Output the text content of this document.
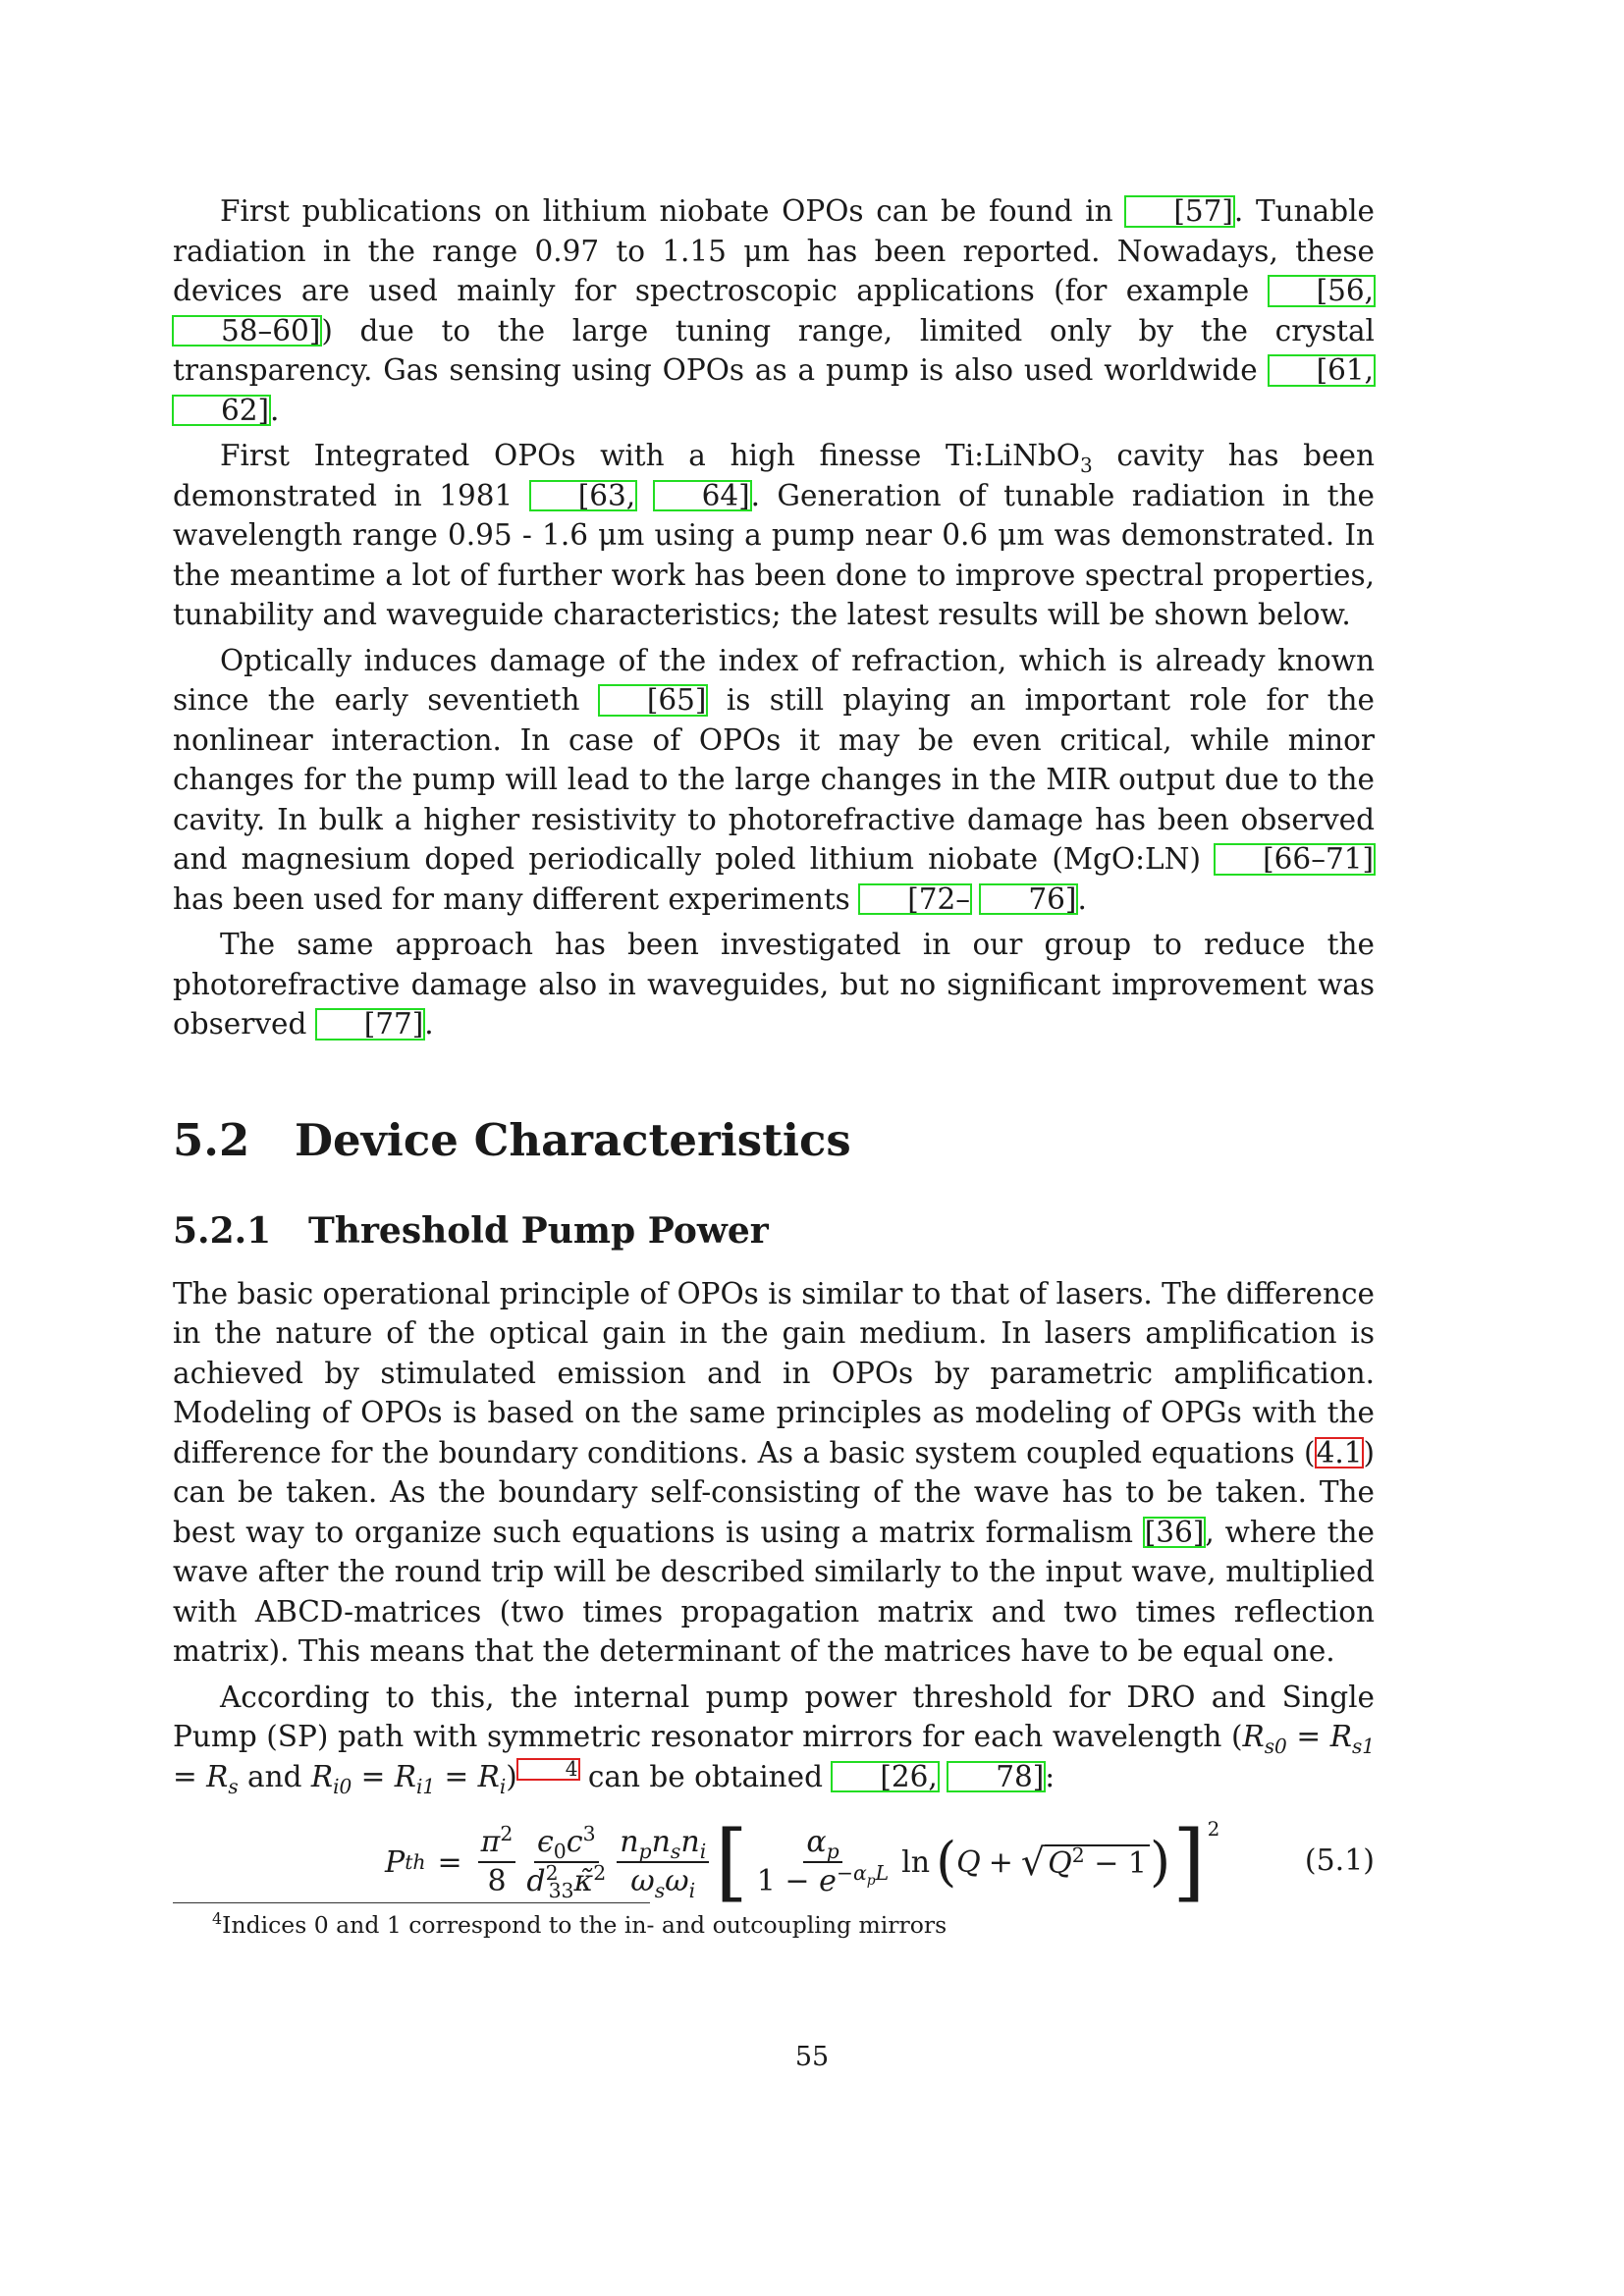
First publications on lithium niobate OPOs can be found in [57]. Tunable radiation in the range 0.97 to 1.15 μm has been reported. Nowadays, these devices are used mainly for spectroscopic applications (for example [56, 58–60]) due to the large tuning range, limited only by the crystal transparency. Gas sensing using OPOs as a pump is also used worldwide [61, 62].

First Integrated OPOs with a high finesse Ti:LiNbO$_3$ cavity has been demonstrated in 1981 [63, 64]. Generation of tunable radiation in the wavelength range 0.95 - 1.6 μm using a pump near 0.6 μm was demonstrated. In the meantime a lot of further work has been done to improve spectral properties, tunability and waveguide characteristics; the latest results will be shown below.

Optically induces damage of the index of refraction, which is already known since the early seventieth [65] is still playing an important role for the nonlinear interaction. In case of OPOs it may be even critical, while minor changes for the pump will lead to the large changes in the MIR output due to the cavity. In bulk a higher resistivity to photorefractive damage has been observed and magnesium doped periodically poled lithium niobate (MgO:LN) [66–71] has been used for many different experiments [72– 76].

The same approach has been investigated in our group to reduce the photorefractive damage also in waveguides, but no significant improvement was observed [77].

5.2 Device Characteristics
5.2.1 Threshold Pump Power

The basic operational principle of OPOs is similar to that of lasers. The difference in the nature of the optical gain in the gain medium. In lasers amplification is achieved by stimulated emission and in OPOs by parametric amplification. Modeling of OPOs is based on the same principles as modeling of OPGs with the difference for the boundary conditions. As a basic system coupled equations (4.1) can be taken. As the boundary self-consisting of the wave has to be taken. The best way to organize such equations is using a matrix formalism [36], where the wave after the round trip will be described similarly to the input wave, multiplied with ABCD-matrices (two times propagation matrix and two times reflection matrix). This means that the determinant of the matrices have to be equal one.

According to this, the internal pump power threshold for DRO and Single Pump (SP) path with symmetric resonator mirrors for each wavelength ($R_{s0} = R_{s1} = R_s$ and $R_{i0} = R_{i1} = R_i$) $^4$ can be obtained [26, 78]:

P th = $\frac{\pi^2}{8} \frac{\epsilon_0c^3}{d^2_{33}\kappã^2} \frac{n_pn_sn_i}{\omega_s\omega_i}$ [ $\frac{\alpha_p}{1 - e^{-\alpha_pL}}$ ln ( Q + √ $Q^2 - 1$ ) ]$^2$
(5.1)
$^4$Indices 0 and 1 correspond to the in- and outcoupling mirrors
55
